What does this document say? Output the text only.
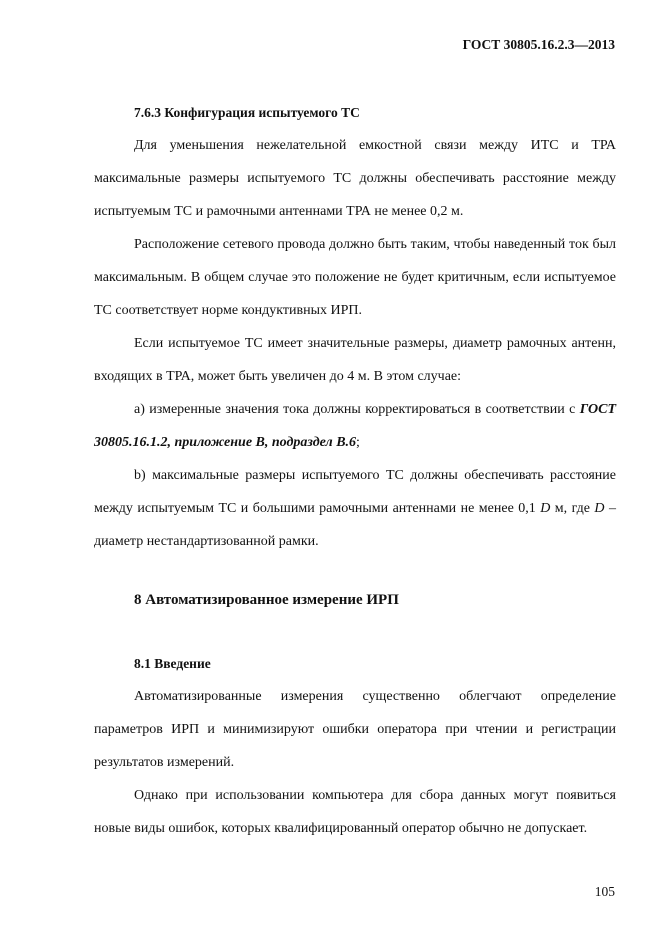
ГОСТ 30805.16.2.3—2013

7.6.3 Конфигурация испытуемого ТС

Для уменьшения нежелательной емкостной связи между ИТС и ТРА максимальные размеры испытуемого ТС должны обеспечивать расстояние между испытуемым ТС и рамочными антеннами ТРА не менее 0,2 м.

Расположение сетевого провода должно быть таким, чтобы наведенный ток был максимальным. В общем случае это положение не будет критичным, если испытуемое ТС соответствует норме кондуктивных ИРП.

Если испытуемое ТС имеет значительные размеры, диаметр рамочных антенн, входящих в ТРА, может быть увеличен до 4 м. В этом случае:

а) измеренные значения тока должны корректироваться в соответствии с ГОСТ 30805.16.1.2, приложение В, подраздел В.6;

b) максимальные размеры испытуемого ТС должны обеспечивать расстояние между испытуемым ТС и большими рамочными антеннами не менее 0,1 D м, где D – диаметр нестандартизованной рамки.

8 Автоматизированное измерение ИРП

8.1 Введение

Автоматизированные измерения существенно облегчают определение параметров ИРП и минимизируют ошибки оператора при чтении и регистрации результатов измерений.

Однако при использовании компьютера для сбора данных могут появиться новые виды ошибок, которых квалифицированный оператор обычно не допускает.

105
